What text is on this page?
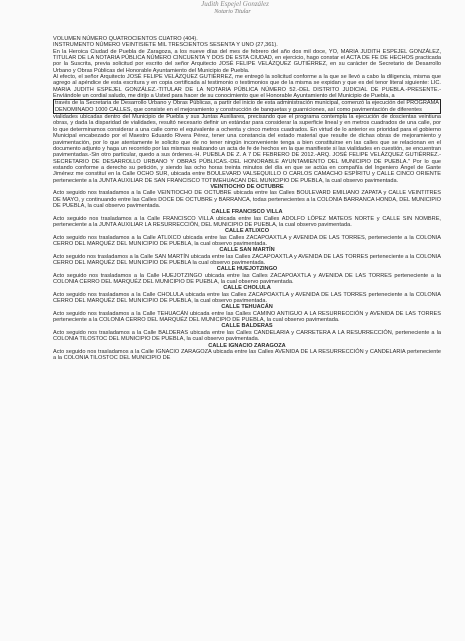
Judith Espejel González
Notario Titular

VOLUMEN NÚMERO QUATROCIENTOS CUATRO (404).

INSTRUMENTO NÚMERO VEINTISIETE MIL TRESCIENTOS SESENTA Y UNO (27,361).

En la Heroica Ciudad de Puebla de Zaragoza, a los nueve días del mes de febrero del año dos mil doce, YO, MARIA JUDITH ESPEJEL GONZÁLEZ, TITULAR DE LA NOTARIA PÚBLICA NÚMERO CINCUENTA Y DOS DE ESTA CIUDAD, en ejercicio, hago constar el ACTA DE FE DE HECHOS practicada por la Suscrita, previa solicitud por escrito del señor Arquitecto JOSÉ FELIPE VELÁZQUEZ GUTIÉRREZ, en su carácter de Secretario de Desarrollo Urbano y Obras Públicas del Honorable Ayuntamiento del Municipio de Puebla.

Al efecto, el señor Arquitecto JOSÉ FELIPE VELÁZQUEZ GUTIÉRREZ, me entregó la solicitud conforme a la que se llevó a cabo la diligencia, misma que agrego al apéndice de esta escritura y en copia certificada al testimonio o testimonios que de la misma se expidan y que es del tenor literal siguiente: LIC. MARIA JUDITH ESPEJEL GONZÁLEZ.-TITULAR DE LA NOTARIA PÚBLICA NÚMERO 52.-DEL DISTRITO JUDICIAL DE PUEBLA.-PRESENTE.-Envíándole un cordial saludo, me dirijo a Usted para hacer de su conocimiento que el Honorable Ayuntamiento del Municipio de Puebla, a

través de la Secretaria de Desarrollo Urbano y Obras Públicas, a partir del inicio de esta administración municipal, comenzó la ejecución del PROGRAMA DENOMINADO 1000 CALLES, que consiste en el mejoramiento y construcción de banquetas y guarniciones, así como pavimentación de diferentes

vialidades ubicadas dentro del Municipio de Puebla y sus Juntas Auxiliares, precisando que el programa contempla la ejecución de doscientas veintiuna obras, y dada la disparidad de vialidades, resultó necesario definir un estándar para considerar la superficie lineal y en metros cuadrados de una calle, por lo que determinamos considerar a una calle como el equivalente a ochenta y cinco metros cuadrados. En virtud de lo anterior es prioridad para el gobierno Municipal encabezado por el Maestro Eduardo Rivera Pérez, tener una constancia del estado material que resulte de dichas obras de mejoramiento y pavimentación, por lo que atentamente le solicito que de no tener ningún inconveniente tenga a bien constituirse en las calles que se relacionan en el documento adjunto y haga un recorrido por las mismas realizando un acta de fe de hechos en la que manifieste si las vialidades en cuestión, se encuentran pavimentadas.-Sin otro particular, quedo a sus órdenes.-H. PUEBLA DE Z. A 7 DE FEBRERO DE 2012.-ARQ. JOSÉ FELIPE VELÁZQUEZ GUTIÉRREZ.-SECRETARIO DE DESARROLLO URBANO Y OBRAS PÚBLICAS.-DEL HONORABLE AYUNTAMIENTO DEL MUNICIPIO DE PUEBLA." Por lo que estando conforme a derecho su petición, y siendo las ocho horas treinta minutos del día en que se actúa en compañía del Ingeniero Ángel de Gante Jiménez me constituí en la Calle OCHO SUR, ubicada entre BOULEVARD VALSEQUILLO O CARLOS CAMACHO ESPÍRITU y CALLE CINCO ORIENTE perteneciente a la JUNTA AUXILIAR DE SAN FRANCISCO TOTIMEHUACAN DEL MUNICIPIO DE PUEBLA, la cual observo pavimentada.

VEINTIOCHO DE OCTUBRE

Acto seguido nos trasladamos a la Calle VEINTIOCHO DE OCTUBRE ubicada entre las Calles BOULEVARD EMILIANO ZAPATA y CALLE VEINTITRES DE MAYO, y continuando entre las Calles DOCE DE OCTUBRE y BARRANCA, todas pertenecientes a la COLONIA BARRANCA HONDA, DEL MUNICIPIO DE PUEBLA, la cual observo pavimentada.

CALLE FRANCISCO VILLA

Acto seguido nos trasladamos a la Calle FRANCISCO VILLA ubicada entre las Calles ADOLFO LÓPEZ MATEOS NORTE y CALLE SIN NOMBRE, perteneciente a la JUNTA AUXILIAR LA RESURRECCIÓN, DEL MUNICIPIO DE PUEBLA, la cual observo pavimentada.

CALLE ATLIXCO

Acto seguido nos trasladamos a la Calle ATLIXCO ubicada entre las Calles ZACAPOAXTLA y AVENIDA DE LAS TORRES, perteneciente a la COLONIA CERRO DEL MARQUÉZ DEL MUNICIPIO DE PUEBLA, la cual observo pavimentada.

CALLE SAN MARTÍN

Acto seguido nos trasladamos a la Calle SAN MARTÍN ubicada entre las Calles ZACAPOAXTLA y AVENIDA DE LAS TORRES perteneciente a la COLONIA CERRO DEL MARQUÉZ DEL MUNICIPIO DE PUEBLA la cual observo pavimentada.

CALLE HUEJOTZINGO

Acto seguido nos trasladamos a la Calle HUEJOTZINGO ubicada entre las Calles ZACAPOAXTLA y AVENIDA DE LAS TORRES perteneciente a la COLONIA CERRO DEL MARQUÉZ DEL MUNICIPIO DE PUEBLA, la cual observo pavimentada.

CALLE CHOLULA

Acto seguido nos trasladamos a la Calle CHOLULA ubicada entre las Calles ZACAPOAXTLA y AVENIDA DE LAS TORRES perteneciente a la COLONIA CERRO DEL MARQUÉZ DEL MUNICIPIO DE PUEBLA, la cual observo pavimentada.

CALLE TEHUACÁN

Acto seguido nos trasladamos a la Calle TEHUACÁN ubicada entre las Calles CAMINO ANTIGUO A LA RESURRECCIÓN y AVENIDA DE LAS TORRES perteneciente a la COLONIA CERRO DEL MARQUÉZ DEL MUNICIPIO DE PUEBLA, la cual observo pavimentada.

CALLE BALDERAS

Acto seguido nos trasladamos a la Calle BALDERAS ubicada entre las Calles CANDELARIA y CARRETERA A LA RESURRECCIÓN, perteneciente a la COLONIA TILOSTOC DEL MUNICIPIO DE PUEBLA, la cual observo pavimentada.

CALLE IGNACIO ZARAGOZA

Acto seguido nos trasladamos a la Calle IGNACIO ZARAGOZA ubicada entre las Calles AVENIDA DE LA RESURRECCIÓN y CANDELARIA perteneciente a la COLONIA TILOSTOC DEL MUNICIPIO DE
